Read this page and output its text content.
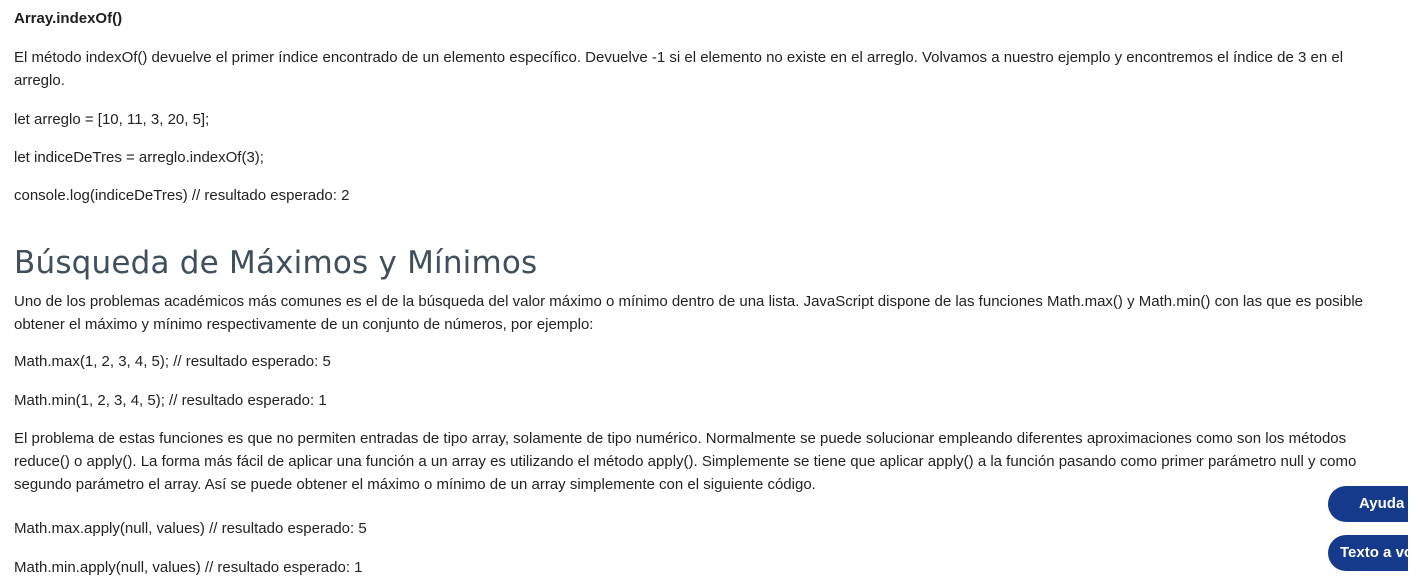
Array.indexOf()

El método indexOf() devuelve el primer índice encontrado de un elemento específico. Devuelve -1 si el elemento no existe en el arreglo. Volvamos a nuestro ejemplo y encontremos el índice de 3 en el arreglo.

let arreglo = [10, 11, 3, 20, 5];

let indiceDeTres = arreglo.indexOf(3);

console.log(indiceDeTres) // resultado esperado: 2

Búsqueda de Máximos y Mínimos

Uno de los problemas académicos más comunes es el de la búsqueda del valor máximo o mínimo dentro de una lista. JavaScript dispone de las funciones Math.max() y Math.min() con las que es posible obtener el máximo y mínimo respectivamente de un conjunto de números, por ejemplo:

Math.max(1, 2, 3, 4, 5); // resultado esperado: 5

Math.min(1, 2, 3, 4, 5); // resultado esperado: 1

El problema de estas funciones es que no permiten entradas de tipo array, solamente de tipo numérico. Normalmente se puede solucionar empleando diferentes aproximaciones como son los métodos reduce() o apply(). La forma más fácil de aplicar una función a un array es utilizando el método apply(). Simplemente se tiene que aplicar apply() a la función pasando como primer parámetro null y como segundo parámetro el array. Así se puede obtener el máximo o mínimo de un array simplemente con el siguiente código.

Math.max.apply(null, values) // resultado esperado: 5

Math.min.apply(null, values) // resultado esperado: 1

Ayuda
Texto a voz
